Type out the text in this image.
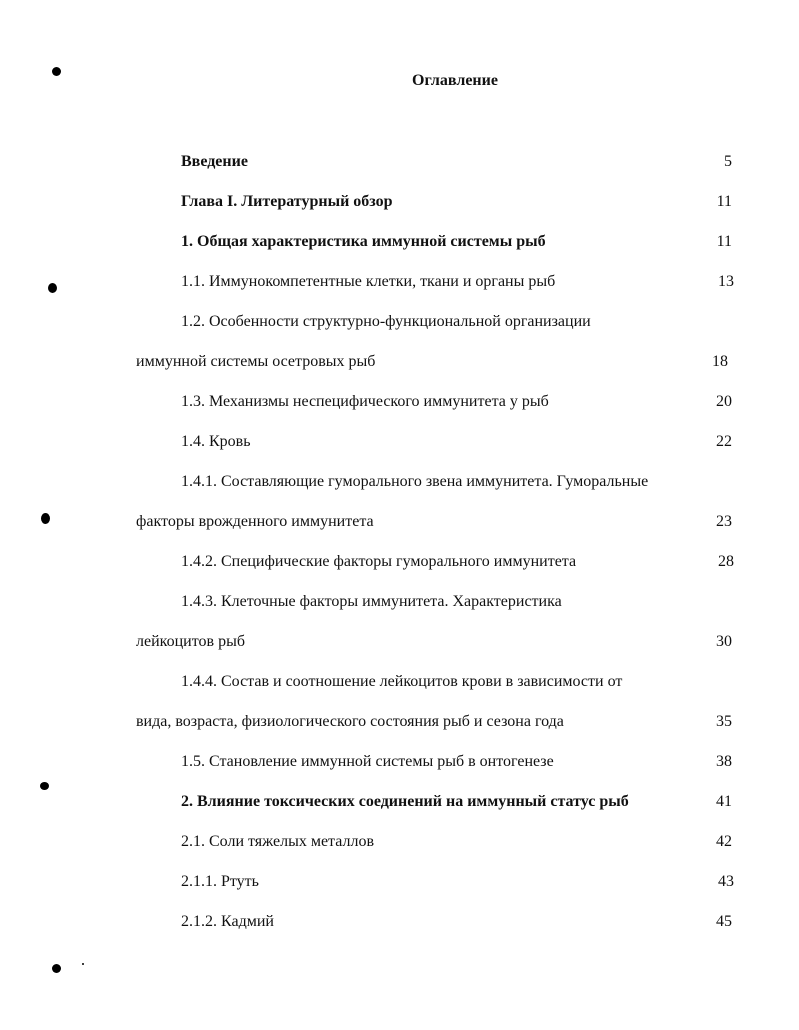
Оглавление
Введение	5
Глава I. Литературный обзор	11
1. Общая характеристика иммунной системы рыб	11
1.1. Иммунокомпетентные клетки, ткани и органы рыб	13
1.2. Особенности структурно-функциональной организации
иммунной системы осетровых рыб	18
1.3. Механизмы неспецифического иммунитета у рыб	20
1.4. Кровь	22
1.4.1. Составляющие гуморального звена иммунитета. Гуморальные
факторы врожденного иммунитета	23
1.4.2. Специфические факторы гуморального иммунитета	28
1.4.3. Клеточные факторы иммунитета. Характеристика
лейкоцитов рыб	30
1.4.4. Состав и соотношение лейкоцитов крови в зависимости от
вида, возраста, физиологического состояния рыб и сезона года	35
1.5. Становление иммунной системы рыб в онтогенезе	38
2. Влияние токсических соединений на иммунный статус рыб	41
2.1. Соли тяжелых металлов	42
2.1.1. Ртуть	43
2.1.2. Кадмий	45
